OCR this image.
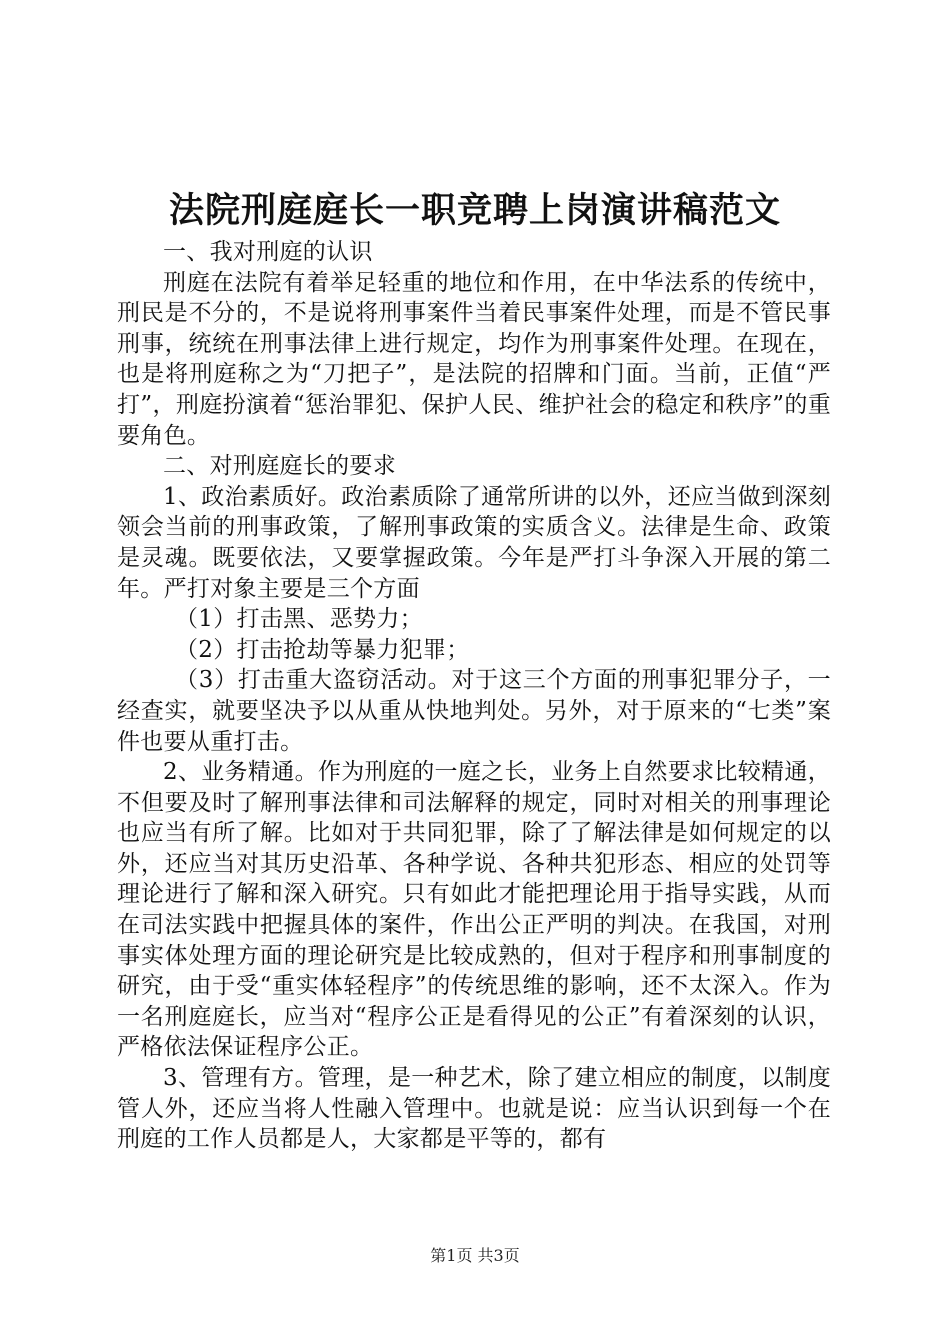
法院刑庭庭长一职竞聘上岗演讲稿范文

一、我对刑庭的认识

刑庭在法院有着举足轻重的地位和作用，在中华法系的传统中，刑民是不分的，不是说将刑事案件当着民事案件处理，而是不管民事刑事，统统在刑事法律上进行规定，均作为刑事案件处理。在现在，也是将刑庭称之为“刀把子”，是法院的招牌和门面。当前，正值“严打”，刑庭扮演着“惩治罪犯、保护人民、维护社会的稳定和秩序”的重要角色。

二、对刑庭庭长的要求

1、政治素质好。政治素质除了通常所讲的以外，还应当做到深刻领会当前的刑事政策，了解刑事政策的实质含义。法律是生命、政策是灵魂。既要依法，又要掌握政策。今年是严打斗争深入开展的第二年。严打对象主要是三个方面

（1）打击黑、恶势力；

（2）打击抢劫等暴力犯罪；

（3）打击重大盗窃活动。对于这三个方面的刑事犯罪分子，一经查实，就要坚决予以从重从快地判处。另外，对于原来的“七类”案件也要从重打击。

2、业务精通。作为刑庭的一庭之长，业务上自然要求比较精通，不但要及时了解刑事法律和司法解释的规定，同时对相关的刑事理论也应当有所了解。比如对于共同犯罪，除了了解法律是如何规定的以外，还应当对其历史沿革、各种学说、各种共犯形态、相应的处罚等理论进行了解和深入研究。只有如此才能把理论用于指导实践，从而在司法实践中把握具体的案件，作出公正严明的判决。在我国，对刑事实体处理方面的理论研究是比较成熟的，但对于程序和刑事制度的研究，由于受“重实体轻程序”的传统思维的影响，还不太深入。作为一名刑庭庭长，应当对“程序公正是看得见的公正”有着深刻的认识，严格依法保证程序公正。

3、管理有方。管理，是一种艺术，除了建立相应的制度，以制度管人外，还应当将人性融入管理中。也就是说：应当认识到每一个在刑庭的工作人员都是人，大家都是平等的，都有

第1页 共3页
